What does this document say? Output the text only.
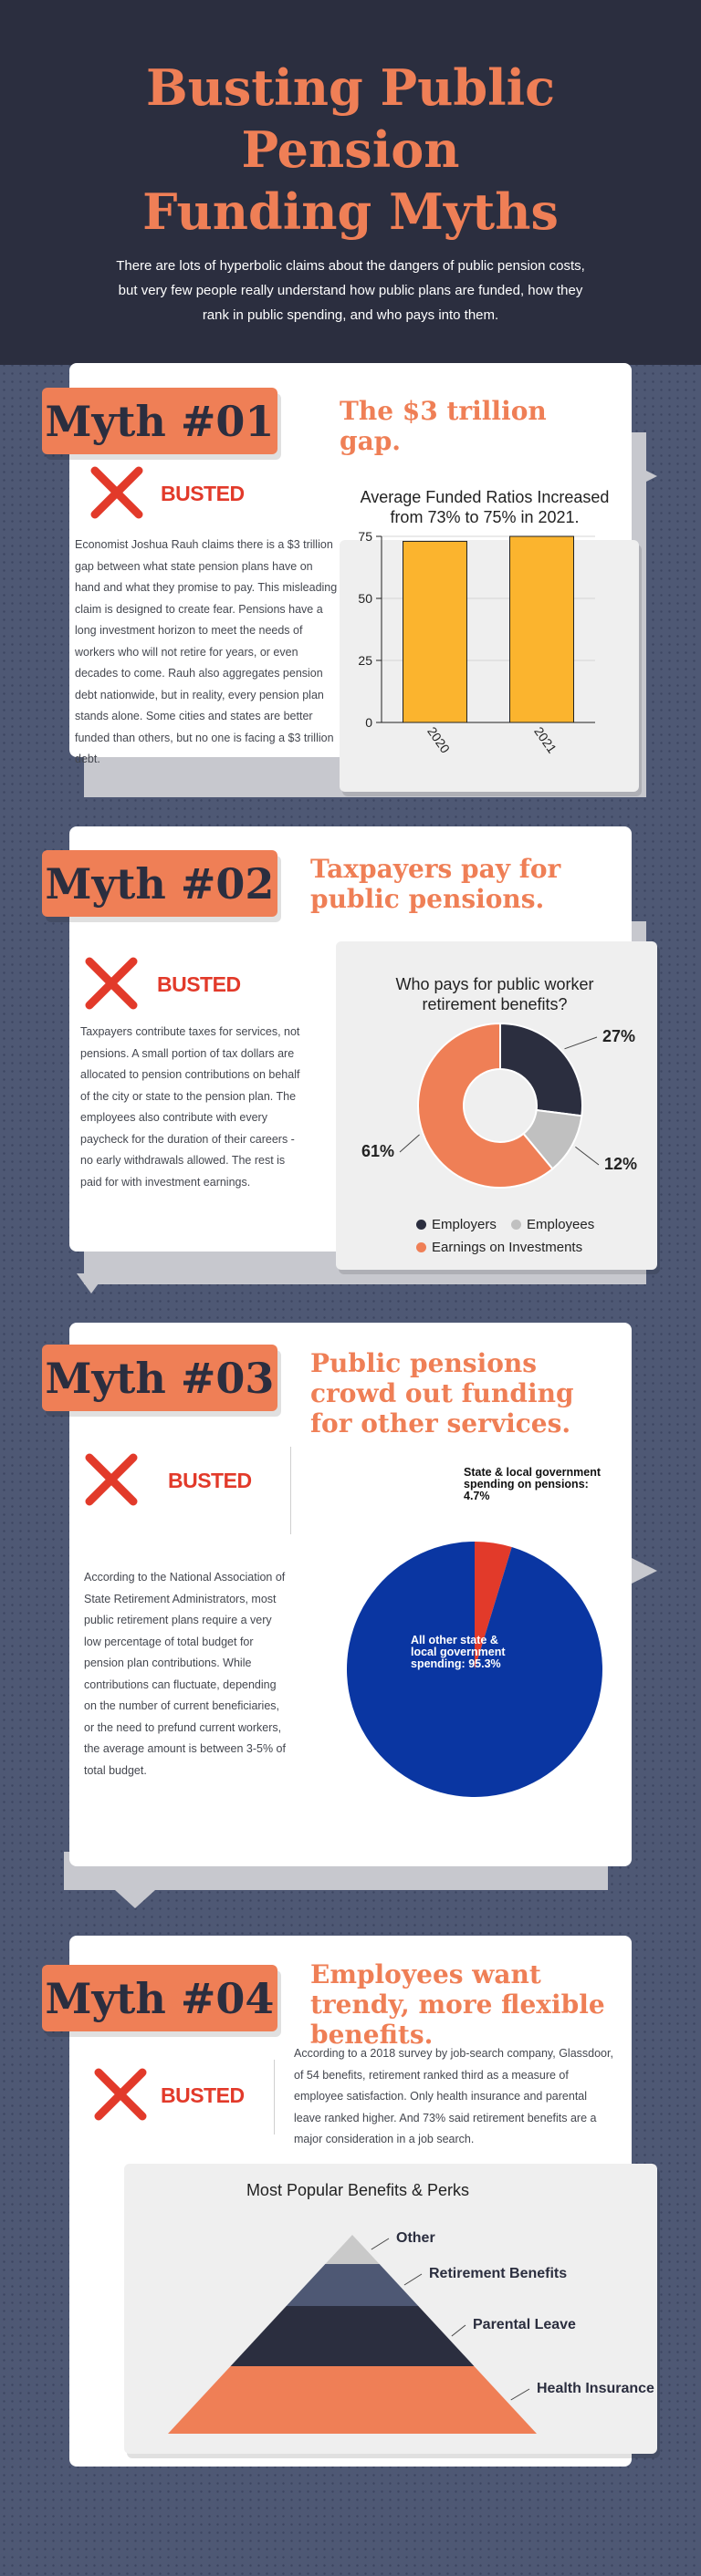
Busting Public
Pension
Funding Myths
There are lots of hyperbolic claims about the dangers of public pension costs, but very few people really understand how public plans are funded, how they rank in public spending, and who pays into them.
Myth #01	The $3 trillion gap.
BUSTED
Economist Joshua Rauh claims there is a $3 trillion gap between what state pension plans have on hand and what they promise to pay. This misleading claim is designed to create fear. Pensions have a long investment horizon to meet the needs of workers who will not retire for years, or even decades to come. Rauh also aggregates pension debt nationwide, but in reality, every pension plan stands alone. Some cities and states are better funded than others, but no one is facing a $3 trillion debt.
Average Funded Ratios Increased from 73% to 75% in 2021.
0
25
50
75
2020	2021
Myth #02 Taxpayers pay for public pensions.
BUSTED
Taxpayers contribute taxes for services, not pensions. A small portion of tax dollars are allocated to pension contributions on behalf of the city or state to the pension plan. The employees also contribute with every paycheck for the duration of their careers - no early withdrawals allowed. The rest is paid for with investment earnings.
Who pays for public worker retirement benefits?
27%
12%
61%
Employers Employees
Earnings on Investments
Myth #03 Public pensions crowd out funding for other services.
BUSTED
According to the National Association of State Retirement Administrators, most public retirement plans require a very low percentage of total budget for pension plan contributions. While contributions can fluctuate, depending on the number of current beneficiaries, or the need to prefund current workers, the average amount is between 3-5% of total budget.
State & local government spending on pensions: 4.7%
All other state & local government spending: 95.3%
Myth #04 Employees want trendy, more flexible benefits.
BUSTED
According to a 2018 survey by job-search company, Glassdoor, of 54 benefits, retirement ranked third as a measure of employee satisfaction. Only health insurance and parental leave ranked higher. And 73% said retirement benefits are a major consideration in a job search.
Most Popular Benefits & Perks
Other
Retirement Benefits
Parental Leave
Health Insurance
